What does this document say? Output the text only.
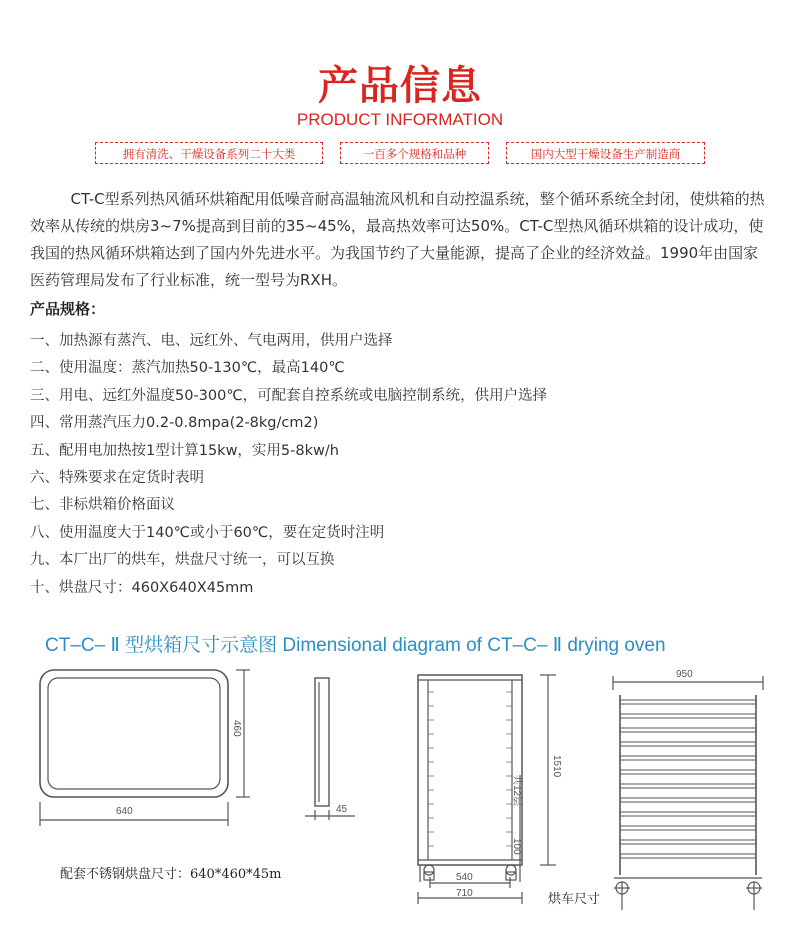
产品信息
PRODUCT INFORMATION
拥有清洗、干燥设备系列二十大类	一百多个规格和品种	国内大型干燥设备生产制造商

CT-C型系列热风循环烘箱配用低噪音耐高温轴流风机和自动控温系统，整个循环系统全封闭，使烘箱的热效率从传统的烘房3~7%提高到目前的35~45%，最高热效率可达50%。CT-C型热风循环烘箱的设计成功，使我国的热风循环烘箱达到了国内外先进水平。为我国节约了大量能源，提高了企业的经济效益。1990年由国家医药管理局发布了行业标准，统一型号为RXH。

产品规格：
一、加热源有蒸汽、电、远红外、气电两用，供用户选择
二、使用温度：蒸汽加热50-130℃，最高140℃
三、用电、远红外温度50-300℃，可配套自控系统或电脑控制系统，供用户选择
四、常用蒸汽压力0.2-0.8mpa(2-8kg/cm2)
五、配用电加热按1型计算15kw，实用5-8kw/h
六、特殊要求在定货时表明
七、非标烘箱价格面议
八、使用温度大于140℃或小于60℃，要在定货时注明
九、本厂出厂的烘车，烘盘尺寸统一，可以互换
十、烘盘尺寸：460X640X45mm
CT–C– Ⅱ 型烘箱尺寸示意图 Dimensional diagram of CT–C– Ⅱ drying oven
640
460
45
1510
共12层
100
540
710
950
配套不锈钢烘盘尺寸：640*460*45m
烘车尺寸
